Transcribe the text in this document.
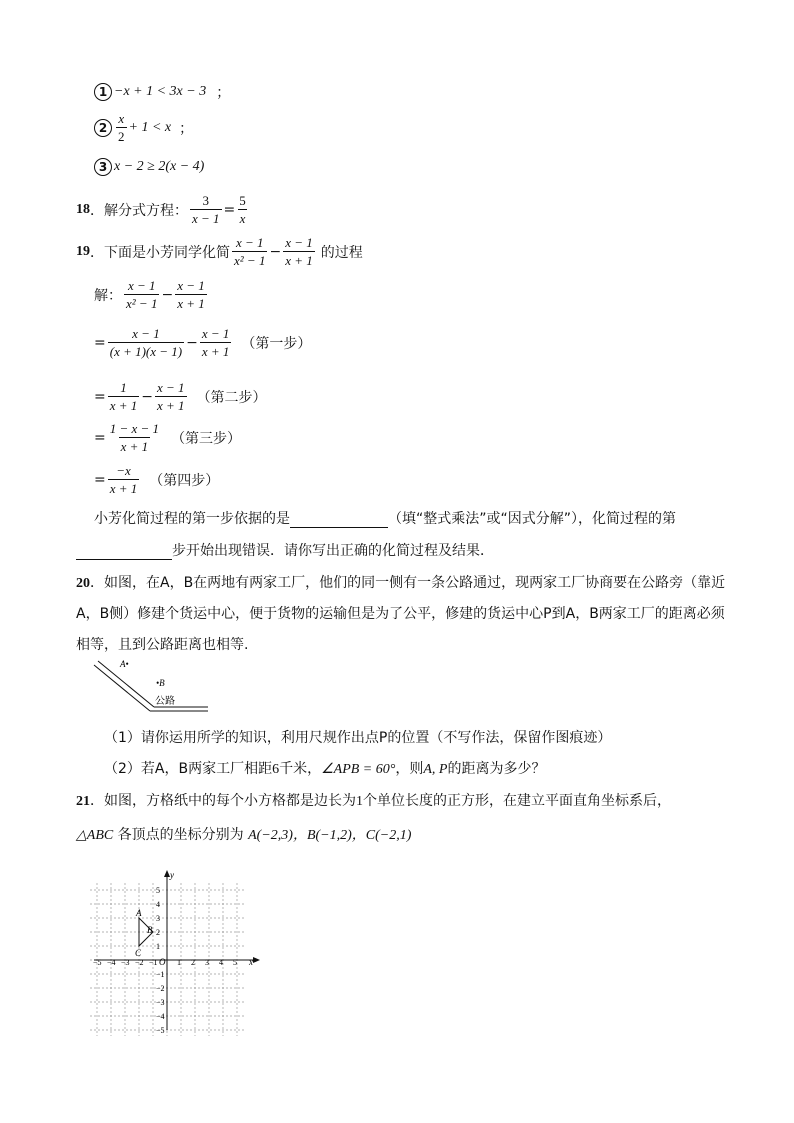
1 −x + 1 < 3x − 3 ；
$2 \frac{x}{2} + 1 < x$ ；
3 x − 2 ≥ 2(x − 4)
18 ．解分式方程： $\frac{3}{x - 1} = \frac{5}{x}$
19 ．下面是小芳同学化简 $\frac{x - 1}{\text{x² − 1}} - \frac{x - 1}{x + 1}$ 的过程
解： $\frac{x - 1}{\text{x² − 1}} - \frac{x - 1}{x + 1}$
= $\frac{x - 1}{(x + 1)(x - 1)} - \frac{x - 1}{x + 1}$ （第一步）
= $\frac{1}{x + 1} - \frac{x - 1}{x + 1}$ （第二步）
= $\frac{1 - x - 1}{x + 1}$ （第三步）
= $\frac{-x}{x + 1}$ （第四步）
小芳化简过程的第一步依据的是	（填“整式乘法”或“因式分解”），化简过程的第
步开始出现错误．请你写出正确的化简过程及结果．
20．如图，在A，B在两地有两家工厂，他们的同一侧有一条公路通过，现两家工厂协商要在公路旁（靠近A，B侧）修建个货运中心，便于货物的运输但是为了公平，修建的货运中心P到A，B两家工厂的距离必须相等，且到公路距离也相等.
A•
•B
公路
（1）请你运用所学的知识，利用尺规作出点P的位置（不写作法，保留作图痕迹）
（2）若A，B两家工厂相距6千米，∠APB = 60°，则A, P的距离为多少？
21．如图，方格纸中的每个小方格都是边长为1个单位长度的正方形，在建立平面直角坐标系后，
△ABC 各顶点的坐标分别为 A(−2,3)，B(−1,2)，C(−2,1)
x
y
O
−5 −4 −3 −2 −1 1 2 3 4 5
5
4
3
2
1
−1
−2
−3
−4
−5
A
B
C
